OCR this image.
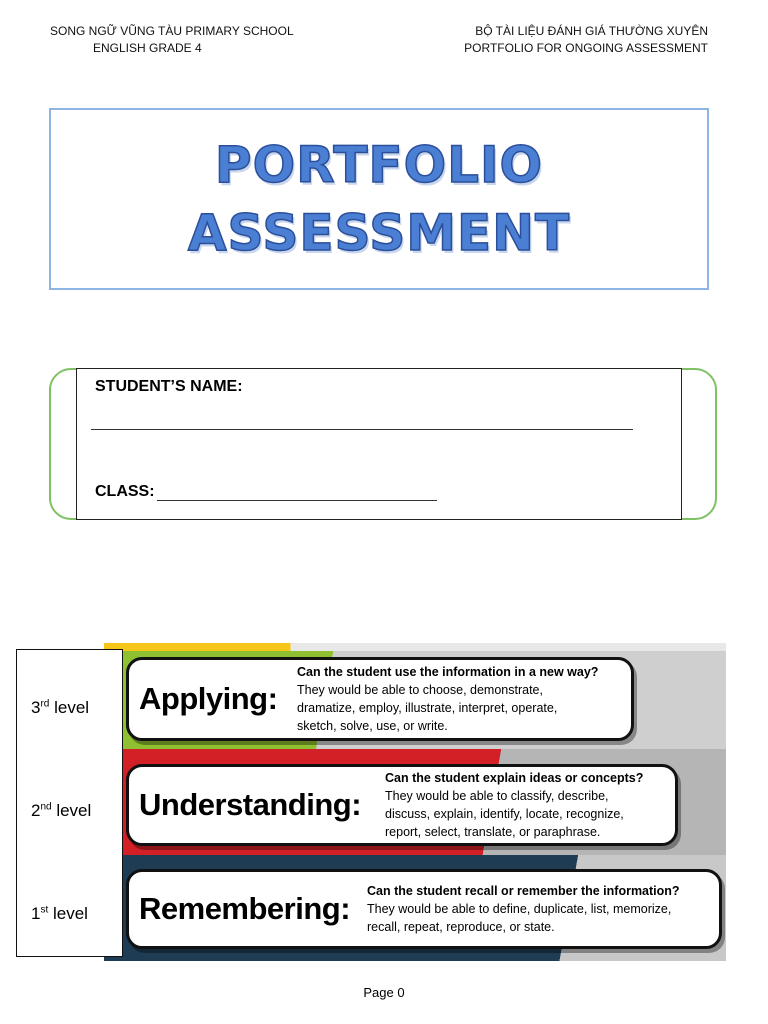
SONG NGỮ VŨNG TÀU PRIMARY SCHOOL
ENGLISH GRADE 4
BỘ TÀI LIỆU ĐÁNH GIÁ THƯỜNG XUYÊN
PORTFOLIO FOR ONGOING ASSESSMENT
PORTFOLIO
ASSESSMENT
STUDENT’S NAME:
CLASS:
Applying:
Can the student use the information in a new way?
They would be able to choose, demonstrate,
dramatize, employ, illustrate, interpret, operate,
sketch, solve, use, or write.
Understanding:
Can the student explain ideas or concepts?
They would be able to classify, describe,
discuss, explain, identify, locate, recognize,
report, select, translate, or paraphrase.
Remembering:	Can the student recall or remember the information?
They would be able to define, duplicate, list, memorize,
recall, repeat, reproduce, or state.
3rd level
2nd level
1st level
Page 0
